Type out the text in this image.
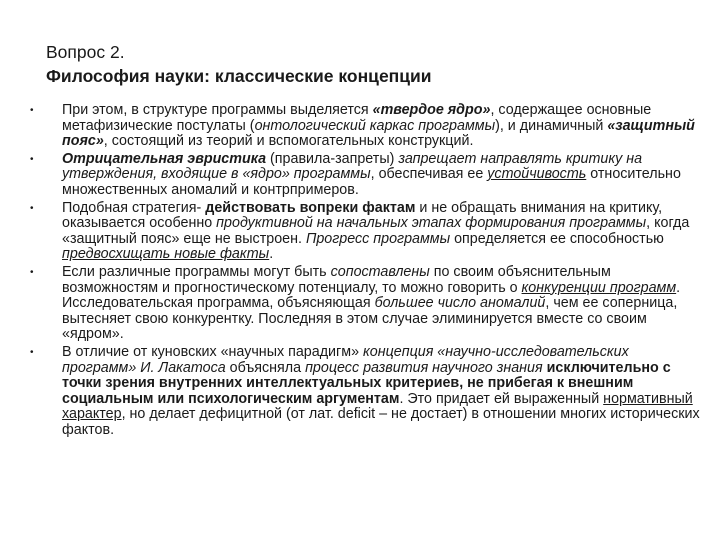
Вопрос 2.
Философия науки: классические концепции
• При этом, в структуре программы выделяется «твердое ядро», содержащее основные метафизические постулаты (онтологический каркас программы), и динамичный «защитный пояс», состоящий из теорий и вспомогательных конструкций.
• Отрицательная эвристика (правила-запреты) запрещает направлять критику на утверждения, входящие в «ядро» программы, обеспечивая ее устойчивость относительно множественных аномалий и контрпримеров.
• Подобная стратегия- действовать вопреки фактам и не обращать внимания на критику, оказывается особенно продуктивной на начальных этапах формирования программы, когда «защитный пояс» еще не выстроен. Прогресс программы определяется ее способностью предвосхищать новые факты.
• Если различные программы могут быть сопоставлены по своим объяснительным возможностям и прогностическому потенциалу, то можно говорить о конкуренции программ. Исследовательская программа, объясняющая большее число аномалий, чем ее соперница, вытесняет свою конкурентку. Последняя в этом случае элиминируется вместе со своим «ядром».
• В отличие от куновских «научных парадигм» концепция «научно-исследовательских программ» И. Лакатоса объясняла процесс развития научного знания исключительно с точки зрения внутренних интеллектуальных критериев, не прибегая к внешним социальным или психологическим аргументам. Это придает ей выраженный нормативный характер, но делает дефицитной (от лат. deficit – не достает) в отношении многих исторических фактов.
